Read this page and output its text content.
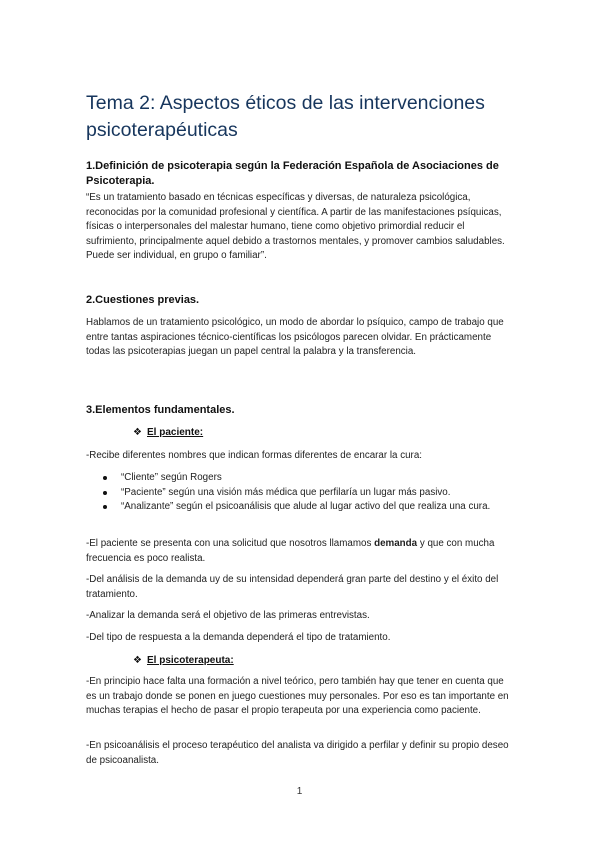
Tema 2: Aspectos éticos de las intervenciones psicoterapéuticas
1.Definición de psicoterapia según la Federación Española de Asociaciones de Psicoterapia.

“Es un tratamiento basado en técnicas específicas y diversas, de naturaleza psicológica, reconocidas por la comunidad profesional y científica. A partir de las manifestaciones psíquicas, físicas o interpersonales del malestar humano, tiene como objetivo primordial reducir el sufrimiento, principalmente aquel debido a trastornos mentales, y promover cambios saludables. Puede ser individual, en grupo o familiar”.

2.Cuestiones previas.

Hablamos de un tratamiento psicológico, un modo de abordar lo psíquico, campo de trabajo que entre tantas aspiraciones técnico-científicas los psicólogos parecen olvidar. En prácticamente todas las psicoterapias juegan un papel central la palabra y la transferencia.

3.Elementos fundamentales.
❖ El paciente:

-Recibe diferentes nombres que indican formas diferentes de encarar la cura:

“Cliente” según Rogers
“Paciente” según una visión más médica que perfilaría un lugar más pasivo.
“Analizante” según el psicoanálisis que alude al lugar activo del que realiza una cura.

-El paciente se presenta con una solicitud que nosotros llamamos demanda y que con mucha frecuencia es poco realista.

-Del análisis de la demanda uy de su intensidad dependerá gran parte del destino y el éxito del tratamiento.

-Analizar la demanda será el objetivo de las primeras entrevistas.

-Del tipo de respuesta a la demanda dependerá el tipo de tratamiento.

❖ El psicoterapeuta:

-En principio hace falta una formación a nivel teórico, pero también hay que tener en cuenta que es un trabajo donde se ponen en juego cuestiones muy personales. Por eso es tan importante en muchas terapias el hecho de pasar el propio terapeuta por una experiencia como paciente.

-En psicoanálisis el proceso terapéutico del analista va dirigido a perfilar y definir su propio deseo de psicoanalista.

1
